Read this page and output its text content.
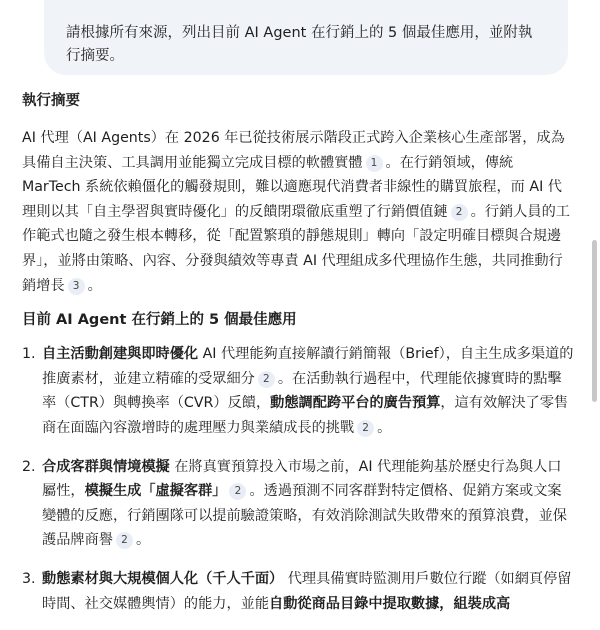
請根據所有來源，列出目前 AI Agent 在行銷上的 5 個最佳應用，並附執行摘要。
執行摘要

AI 代理（AI Agents）在 2026 年已從技術展示階段正式跨入企業核心生產部署，成為具備自主決策、工具調用並能獨立完成目標的軟體實體 1 。在行銷領域，傳統 MarTech 系統依賴僵化的觸發規則，難以適應現代消費者非線性的購買旅程，而 AI 代理則以其「自主學習與實時優化」的反饋閉環徹底重塑了行銷價值鏈 2 。行銷人員的工作範式也隨之發生根本轉移，從「配置繁瑣的靜態規則」轉向「設定明確目標與合規邊界」，並將由策略、內容、分發與績效等專責 AI 代理組成多代理協作生態，共同推動行銷增長 3 。

目前 AI Agent 在行銷上的 5 個最佳應用
1. 自主活動創建與即時優化 AI 代理能夠直接解讀行銷簡報（Brief），自主生成多渠道的推廣素材，並建立精確的受眾細分 2 。在活動執行過程中，代理能依據實時的點擊率（CTR）與轉換率（CVR）反饋，動態調配跨平台的廣告預算，這有效解決了零售商在面臨內容激增時的處理壓力與業績成長的挑戰 2 。
2. 合成客群與情境模擬 在將真實預算投入市場之前，AI 代理能夠基於歷史行為與人口屬性，模擬生成「虛擬客群」 2 。透過預測不同客群對特定價格、促銷方案或文案變體的反應，行銷團隊可以提前驗證策略，有效消除測試失敗帶來的預算浪費，並保護品牌商譽 2 。
3. 動態素材與大規模個人化（千人千面） 代理具備實時監測用戶數位行蹤（如網頁停留時間、社交媒體輿情）的能力，並能自動從商品目錄中提取數據，組裝成高
